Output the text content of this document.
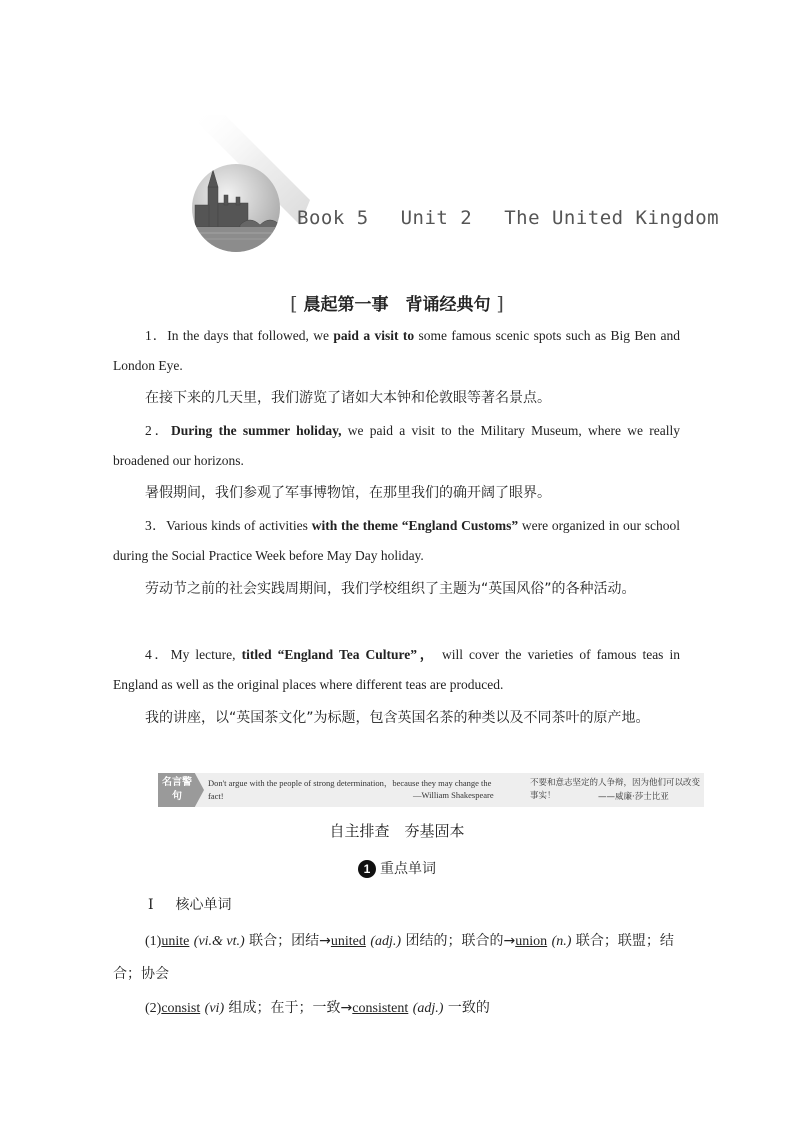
Book 5 Unit 2 The United Kingdom
[ 晨起第一事　背诵经典句 ]
1．In the days that followed, we paid a visit to some famous scenic spots such as Big Ben and London Eye.
在接下来的几天里，我们游览了诸如大本钟和伦敦眼等著名景点。
2．During the summer holiday, we paid a visit to the Military Museum, where we really broadened our horizons.
暑假期间，我们参观了军事博物馆，在那里我们的确开阔了眼界。
3．Various kinds of activities with the theme “England Customs” were organized in our school during the Social Practice Week before May Day holiday.
劳动节之前的社会实践周期间，我们学校组织了主题为“英国风俗”的各种活动。
4．My lecture, titled “England Tea Culture”， will cover the varieties of famous teas in England as well as the original places where different teas are produced.
我的讲座，以“英国茶文化”为标题，包含英国名茶的种类以及不同茶叶的原产地。
名言警句
Don't argue with the people of strong determination，because they may change the fact!	—William Shakespeare
不要和意志坚定的人争辩，因为他们可以改变事实！	——威廉·莎士比亚
自主排查　夯基固本
1 重点单词
Ⅰ 核心单词
(1)unite (vi.& vt.) 联合；团结→united (adj.) 团结的；联合的→union (n.) 联合；联盟；结合；协会
(2)consist (vi) 组成；在于；一致→consistent (adj.) 一致的
